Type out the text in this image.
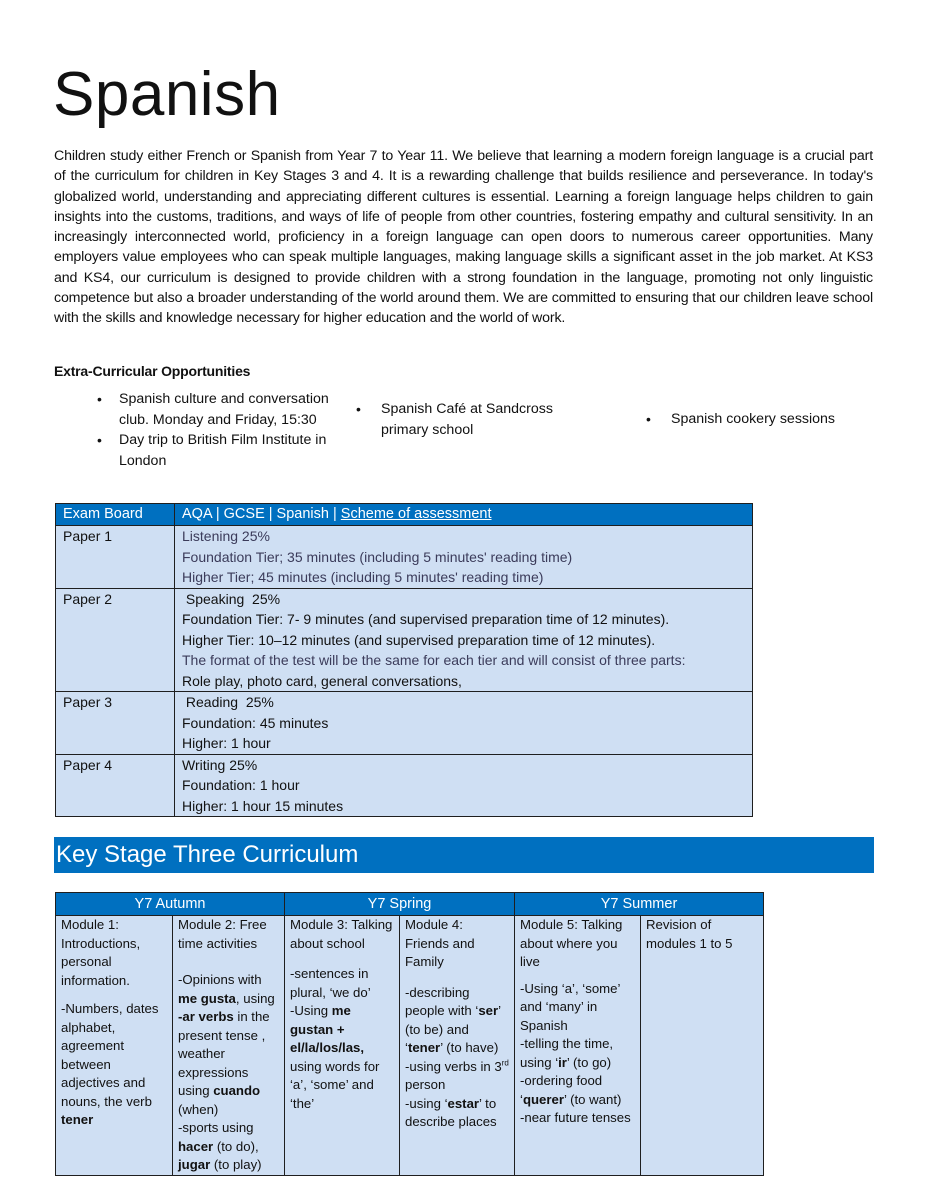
Spanish

Children study either French or Spanish from Year 7 to Year 11. We believe that learning a modern foreign language is a crucial part of the curriculum for children in Key Stages 3 and 4. It is a rewarding challenge that builds resilience and perseverance. In today's globalized world, understanding and appreciating different cultures is essential. Learning a foreign language helps children to gain insights into the customs, traditions, and ways of life of people from other countries, fostering empathy and cultural sensitivity. In an increasingly interconnected world, proficiency in a foreign language can open doors to numerous career opportunities. Many employers value employees who can speak multiple languages, making language skills a significant asset in the job market. At KS3 and KS4, our curriculum is designed to provide children with a strong foundation in the language, promoting not only linguistic competence but also a broader understanding of the world around them. We are committed to ensuring that our children leave school with the skills and knowledge necessary for higher education and the world of work.

Extra-Curricular Opportunities

• Spanish culture and conversation club. Monday and Friday, 15:30
• Day trip to British Film Institute in London
• Spanish Café at Sandcross primary school
• Spanish cookery sessions
Exam Board	AQA | GCSE | Spanish | Scheme of assessment
Paper 1	Listening 25%
Foundation Tier; 35 minutes (including 5 minutes' reading time)
Higher Tier; 45 minutes (including 5 minutes' reading time)

Paper 2	Speaking  25%
Foundation Tier: 7- 9 minutes (and supervised preparation time of 12 minutes).
Higher Tier: 10–12 minutes (and supervised preparation time of 12 minutes).
The format of the test will be the same for each tier and will consist of three parts:
Role play, photo card, general conversations,

Paper 3	Reading  25%
Foundation: 45 minutes
Higher: 1 hour

Paper 4	Writing 25%
Foundation: 1 hour
Higher: 1 hour 15 minutes
Key Stage Three Curriculum
Y7 Autumn		Y7 Spring		Y7 Summer	
Module 1: Introductions, personal information.
-Numbers, dates alphabet, agreement between adjectives and nouns, the verb tener	Module 2: Free time activities
-Opinions with me gusta, using -ar verbs in the present tense , weather expressions using cuando (when)
-sports using hacer (to do), jugar (to play)	Module 3: Talking about school
-sentences in plural, ‘we do’
-Using me gustan + el/la/los/las, using words for ‘a’, ‘some’ and ‘the’	Module 4: Friends and Family
-describing people with ‘ser’ (to be) and ‘tener’ (to have)
-using verbs in 3rd person
-using ‘estar’ to describe places	Module 5: Talking about where you live
-Using ‘a’, ‘some’ and ‘many’ in Spanish
-telling the time, using ‘ir’ (to go)
-ordering food ‘querer’ (to want)
-near future tenses	Revision of modules 1 to 5
